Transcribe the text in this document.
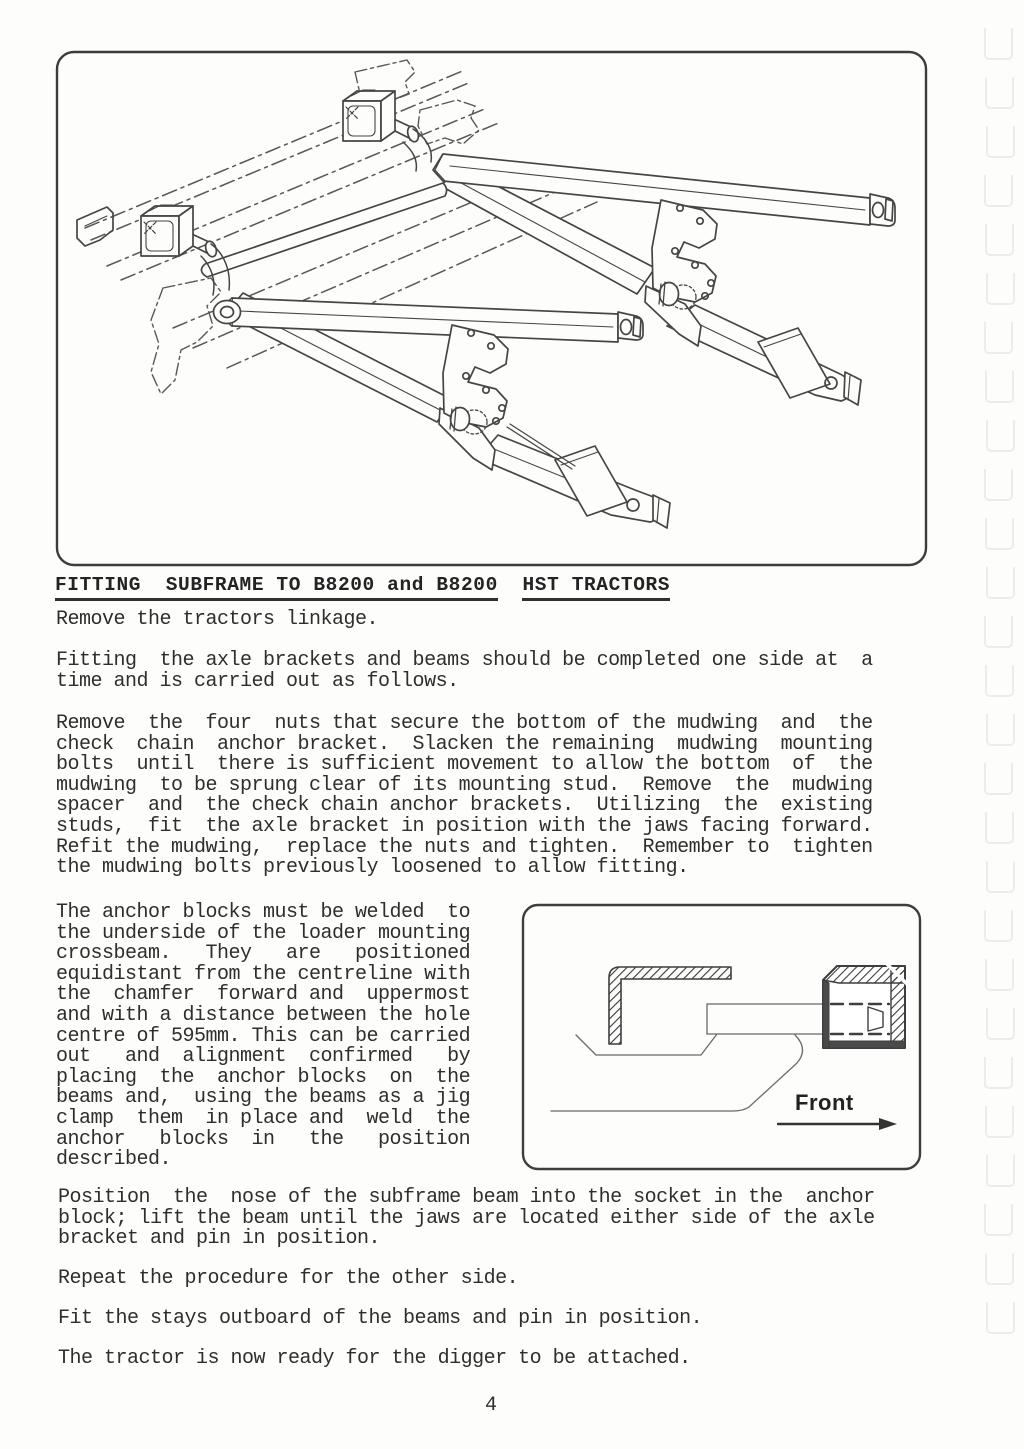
FITTING  SUBFRAME TO B8200 and B8200 HST TRACTORS
Remove the tractors linkage.
Fitting  the axle brackets and beams should be completed one side at  a
time and is carried out as follows.
Remove  the  four  nuts that secure the bottom of the mudwing  and  the
check  chain  anchor bracket.  Slacken the remaining  mudwing  mounting
bolts  until  there is sufficient movement to allow the bottom  of  the
mudwing  to be sprung clear of its mounting stud.  Remove  the  mudwing
spacer  and  the check chain anchor brackets.  Utilizing  the  existing
studs,  fit  the axle bracket in position with the jaws facing forward.
Refit the mudwing,  replace the nuts and tighten.  Remember to  tighten
the mudwing bolts previously loosened to allow fitting.
The anchor blocks must be welded  to
the underside of the loader mounting
crossbeam.   They   are   positioned
equidistant from the centreline with
the  chamfer  forward and  uppermost
and with a distance between the hole
centre of 595mm. This can be carried
out   and  alignment  confirmed   by
placing  the  anchor blocks  on  the
beams and,  using the beams as a jig
clamp  them  in place and  weld  the
anchor   blocks  in   the   position
described.
Position  the  nose of the subframe beam into the socket in the  anchor
block; lift the beam until the jaws are located either side of the axle
bracket and pin in position.
Repeat the procedure for the other side.
Fit the stays outboard of the beams and pin in position.
The tractor is now ready for the digger to be attached.
Front
4
